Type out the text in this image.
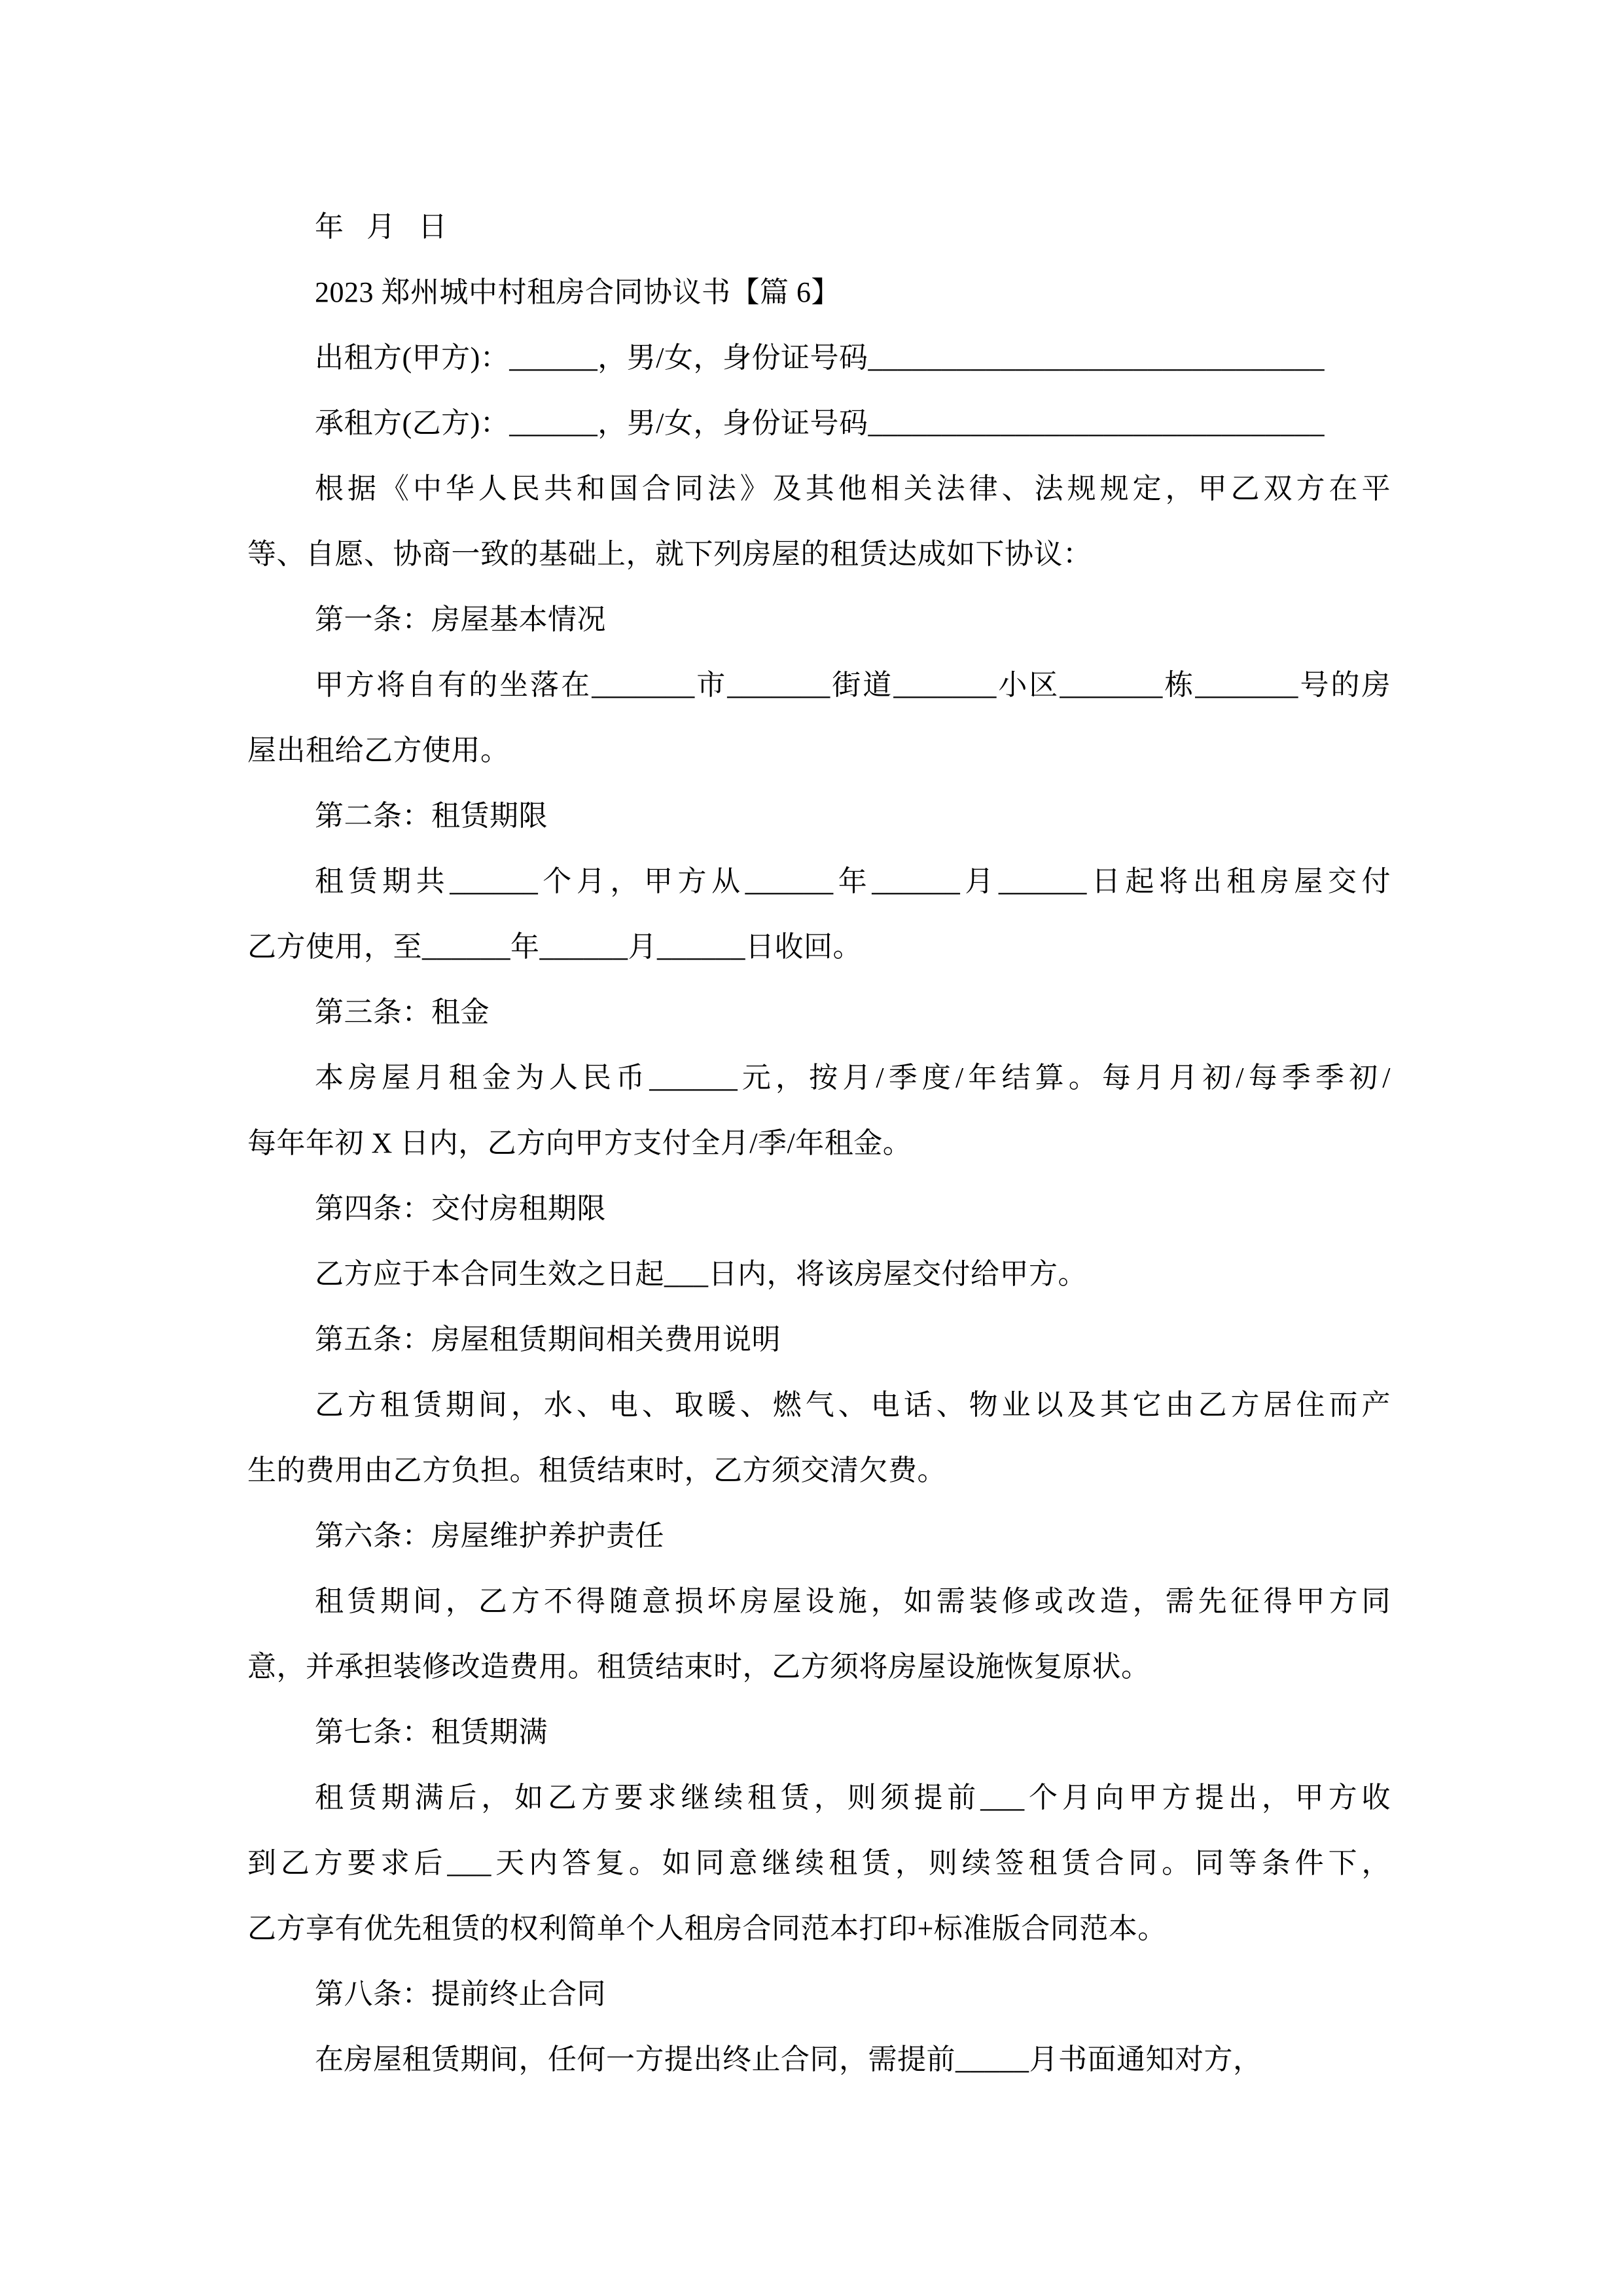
年   月   日
2023 郑州城中村租房合同协议书【篇 6】
出租方(甲方)：______，男/女，身份证号码_______________________________
承租方(乙方)：______，男/女，身份证号码_______________________________
根据《中华人民共和国合同法》及其他相关法律、法规规定，甲乙双方在平
等、自愿、协商一致的基础上，就下列房屋的租赁达成如下协议：
第一条：房屋基本情况
甲方将自有的坐落在_______市_______街道_______小区_______栋_______号的房
屋出租给乙方使用。
第二条：租赁期限
租赁期共______个月，甲方从______年______月______日起将出租房屋交付
乙方使用，至______年______月______日收回。
第三条：租金
本房屋月租金为人民币______元，按月/季度/年结算。每月月初/每季季初/
每年年初 X 日内，乙方向甲方支付全月/季/年租金。
第四条：交付房租期限
乙方应于本合同生效之日起___日内，将该房屋交付给甲方。
第五条：房屋租赁期间相关费用说明
乙方租赁期间，水、电、取暖、燃气、电话、物业以及其它由乙方居住而产
生的费用由乙方负担。租赁结束时，乙方须交清欠费。
第六条：房屋维护养护责任
租赁期间，乙方不得随意损坏房屋设施，如需装修或改造，需先征得甲方同
意，并承担装修改造费用。租赁结束时，乙方须将房屋设施恢复原状。
第七条：租赁期满
租赁期满后，如乙方要求继续租赁，则须提前___个月向甲方提出，甲方收
到乙方要求后___天内答复。如同意继续租赁，则续签租赁合同。同等条件下，
乙方享有优先租赁的权利简单个人租房合同范本打印+标准版合同范本。
第八条：提前终止合同
在房屋租赁期间，任何一方提出终止合同，需提前_____月书面通知对方，
